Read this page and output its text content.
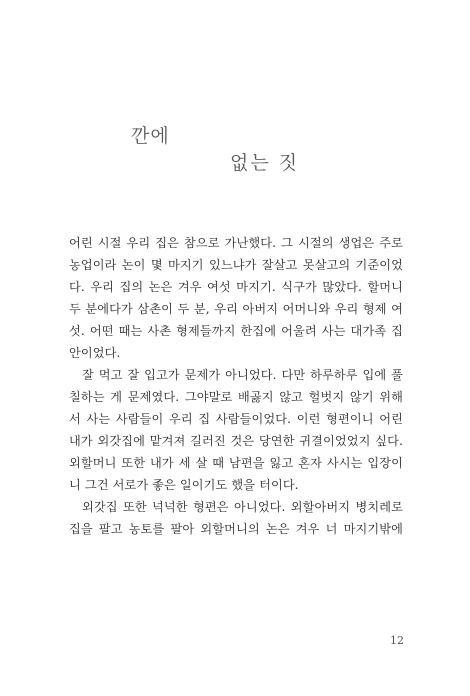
깐에
없는 짓
어린 시절 우리 집은 참으로 가난했다. 그 시절의 생업은 주로
농업이라 논이 몇 마지기 있느냐가 잘살고 못살고의 기준이었
다. 우리 집의 논은 겨우 여섯 마지기. 식구가 많았다. 할머니
두 분에다가 삼촌이 두 분, 우리 아버지 어머니와 우리 형제 여
섯. 어떤 때는 사촌 형제들까지 한집에 어울려 사는 대가족 집
안이었다.
잘 먹고 잘 입고가 문제가 아니었다. 다만 하루하루 입에 풀
칠하는 게 문제였다. 그야말로 배곯지 않고 헐벗지 않기 위해
서 사는 사람들이 우리 집 사람들이었다. 이런 형편이니 어린
내가 외갓집에 맡겨져 길러진 것은 당연한 귀결이었었지 싶다.
외할머니 또한 내가 세 살 때 남편을 잃고 혼자 사시는 입장이
니 그건 서로가 좋은 일이기도 했을 터이다.
외갓집 또한 넉넉한 형편은 아니었다. 외할아버지 병치레로
집을 팔고 농토를 팔아 외할머니의 논은 겨우 너 마지기밖에
12
